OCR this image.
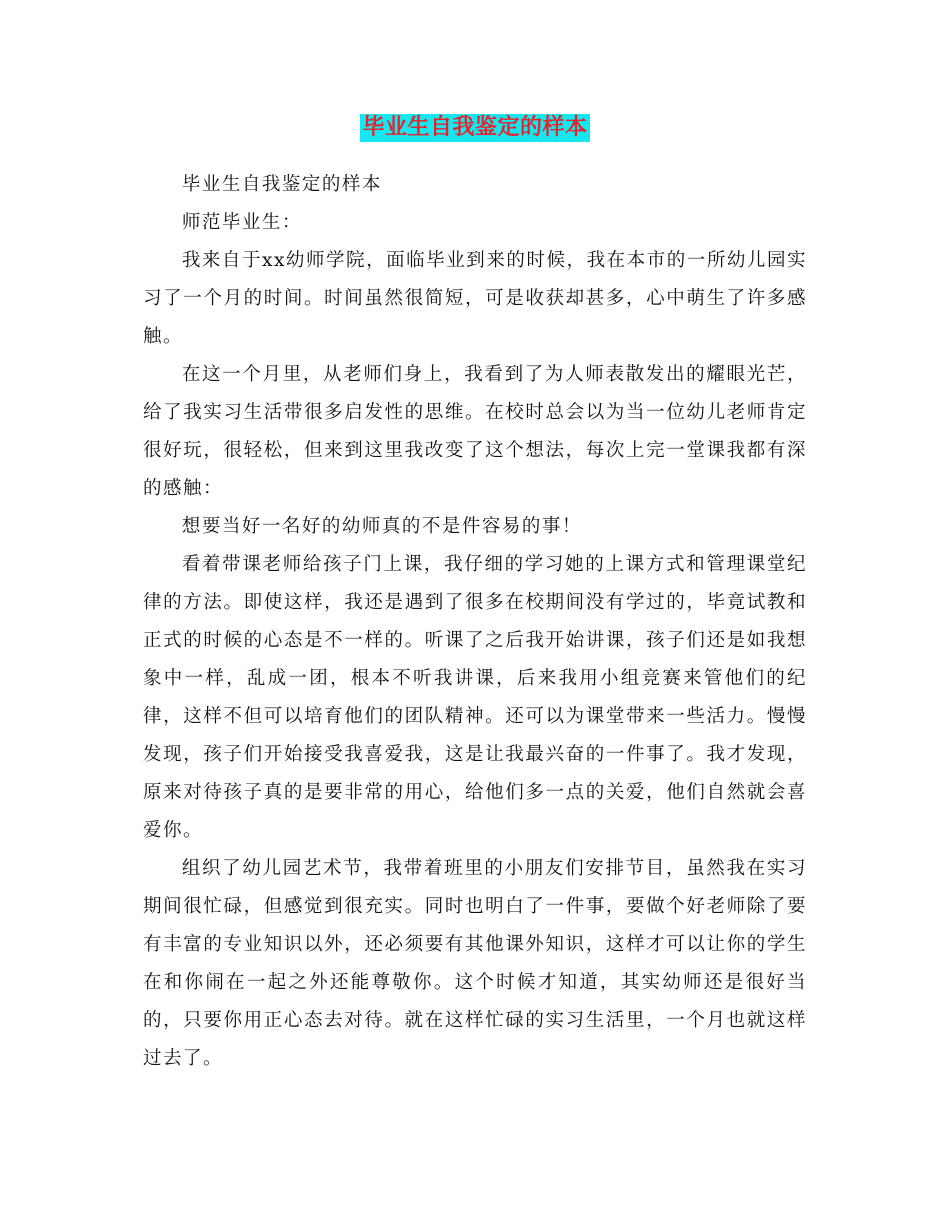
毕业生自我鉴定的样本

毕业生自我鉴定的样本

师范毕业生：

我来自于xx幼师学院，面临毕业到来的时候，我在本市的一所幼儿园实习了一个月的时间。时间虽然很简短，可是收获却甚多，心中萌生了许多感触。

在这一个月里，从老师们身上，我看到了为人师表散发出的耀眼光芒，给了我实习生活带很多启发性的思维。在校时总会以为当一位幼儿老师肯定很好玩，很轻松，但来到这里我改变了这个想法，每次上完一堂课我都有深的感触：

想要当好一名好的幼师真的不是件容易的事！

看着带课老师给孩子门上课，我仔细的学习她的上课方式和管理课堂纪律的方法。即使这样，我还是遇到了很多在校期间没有学过的，毕竟试教和正式的时候的心态是不一样的。听课了之后我开始讲课，孩子们还是如我想象中一样，乱成一团，根本不听我讲课，后来我用小组竞赛来管他们的纪律，这样不但可以培育他们的团队精神。还可以为课堂带来一些活力。慢慢发现，孩子们开始接受我喜爱我，这是让我最兴奋的一件事了。我才发现，原来对待孩子真的是要非常的用心，给他们多一点的关爱，他们自然就会喜爱你。

组织了幼儿园艺术节，我带着班里的小朋友们安排节目，虽然我在实习期间很忙碌，但感觉到很充实。同时也明白了一件事，要做个好老师除了要有丰富的专业知识以外，还必须要有其他课外知识，这样才可以让你的学生在和你闹在一起之外还能尊敬你。这个时候才知道，其实幼师还是很好当的，只要你用正心态去对待。就在这样忙碌的实习生活里，一个月也就这样过去了。
